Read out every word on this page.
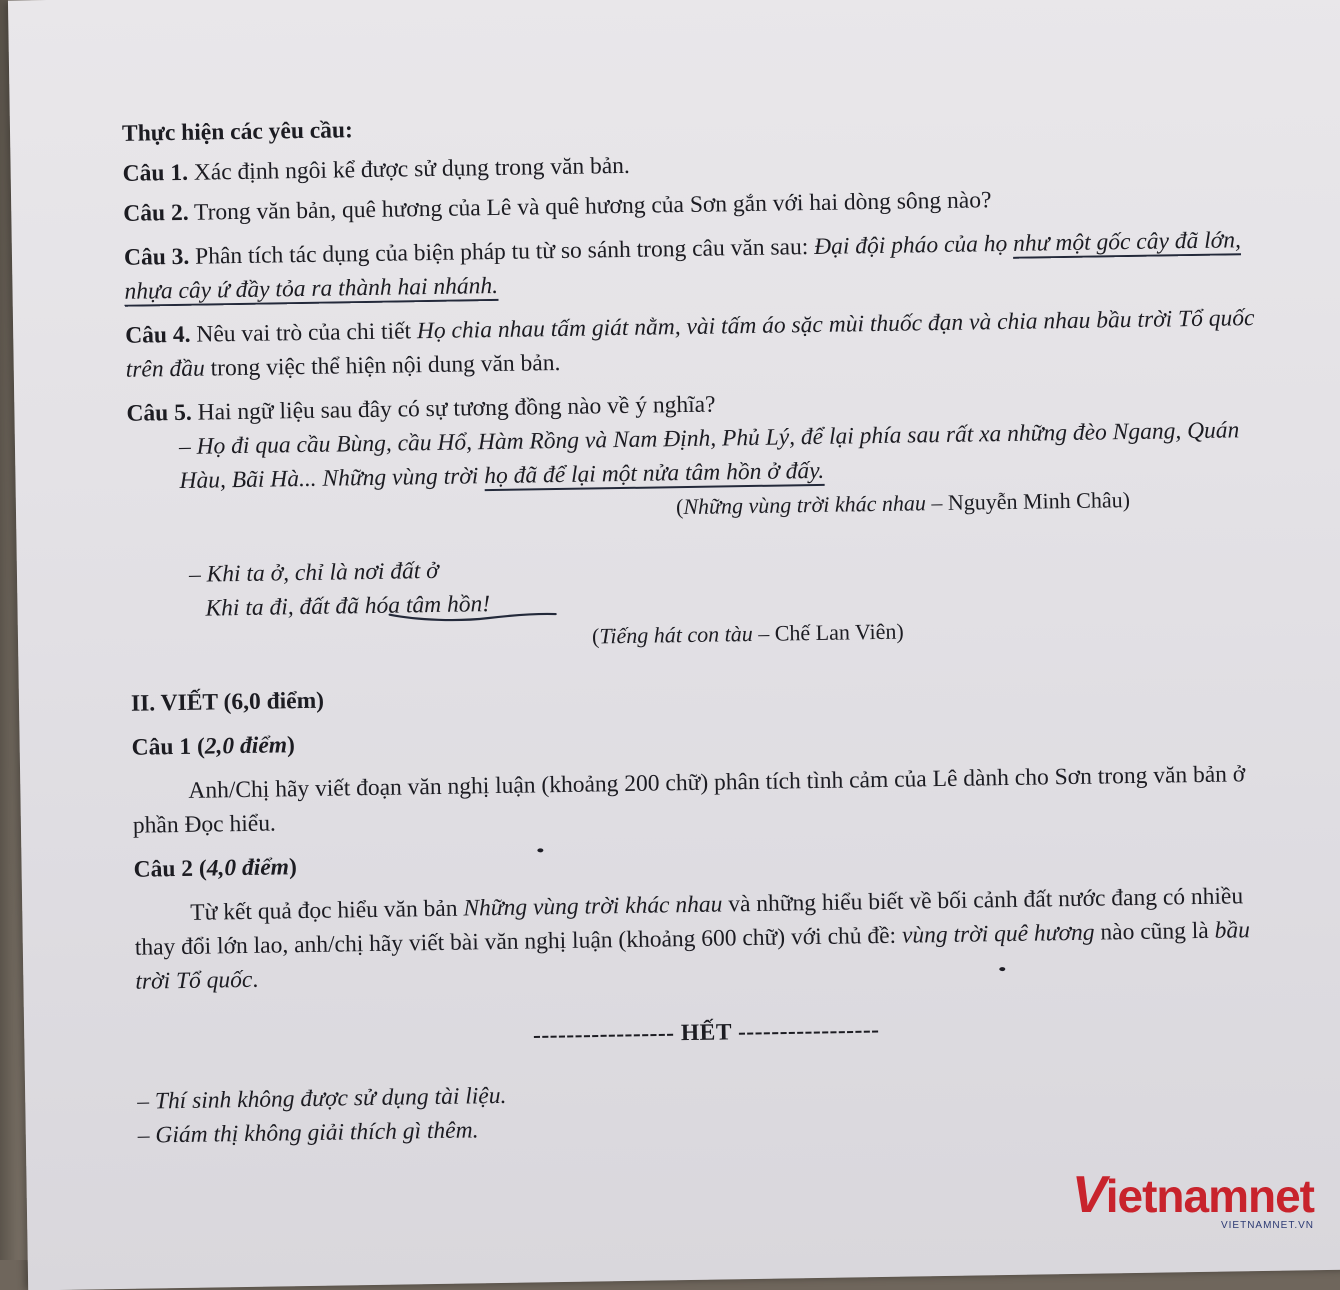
Thực hiện các yêu cầu:

Câu 1. Xác định ngôi kể được sử dụng trong văn bản.

Câu 2. Trong văn bản, quê hương của Lê và quê hương của Sơn gắn với hai dòng sông nào?

Câu 3. Phân tích tác dụng của biện pháp tu từ so sánh trong câu văn sau: Đại đội pháo của họ như một gốc cây đã lớn, nhựa cây ứ đầy tỏa ra thành hai nhánh.

Câu 4. Nêu vai trò của chi tiết Họ chia nhau tấm giát nằm, vài tấm áo sặc mùi thuốc đạn và chia nhau bầu trời Tổ quốc trên đầu trong việc thể hiện nội dung văn bản.

Câu 5. Hai ngữ liệu sau đây có sự tương đồng nào về ý nghĩa?

– Họ đi qua cầu Bùng, cầu Hổ, Hàm Rồng và Nam Định, Phủ Lý, để lại phía sau rất xa những đèo Ngang, Quán Hàu, Bãi Hà... Những vùng trời họ đã để lại một nửa tâm hồn ở đấy.

(Những vùng trời khác nhau – Nguyễn Minh Châu)

– Khi ta ở, chỉ là nơi đất ở
Khi ta đi, đất đã hóa tâm hồn!

(Tiếng hát con tàu – Chế Lan Viên)

II. VIẾT (6,0 điểm)

Câu 1 (2,0 điểm)

Anh/Chị hãy viết đoạn văn nghị luận (khoảng 200 chữ) phân tích tình cảm của Lê dành cho Sơn trong văn bản ở phần Đọc hiểu.

Câu 2 (4,0 điểm)

Từ kết quả đọc hiểu văn bản Những vùng trời khác nhau và những hiểu biết về bối cảnh đất nước đang có nhiều thay đổi lớn lao, anh/chị hãy viết bài văn nghị luận (khoảng 600 chữ) với chủ đề: vùng trời quê hương nào cũng là bầu trời Tổ quốc.

----------------- HẾT -----------------

– Thí sinh không được sử dụng tài liệu.

– Giám thị không giải thích gì thêm.

Vietnamnet
VIETNAMNET.VN
